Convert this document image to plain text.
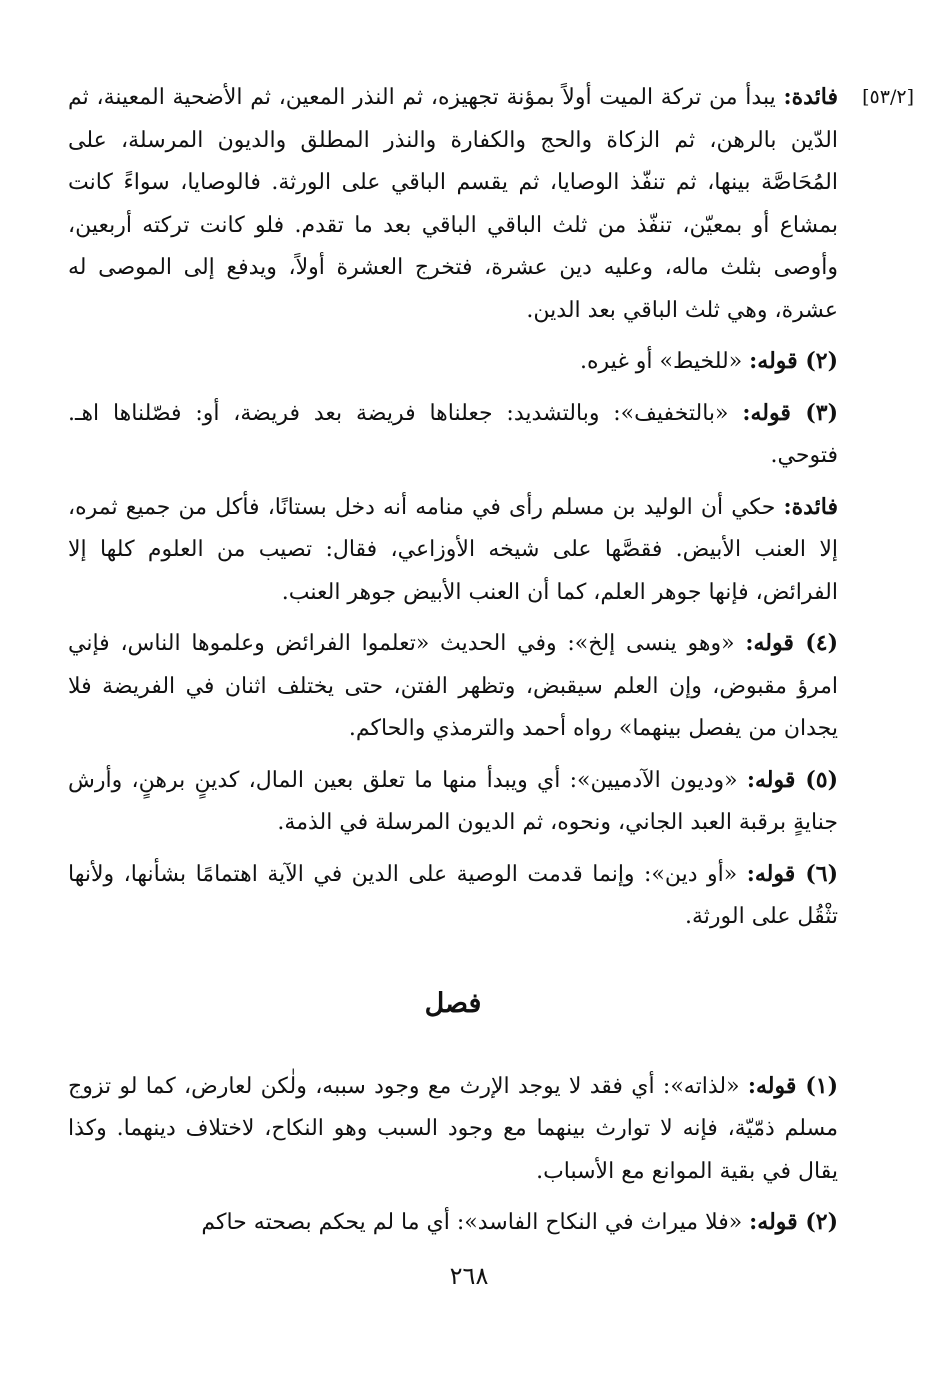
[٥٣/٢]

فائدة: يبدأ من تركة الميت أولاً بمؤنة تجهيزه، ثم النذر المعين، ثم الأضحية المعينة، ثم الدّين بالرهن، ثم الزكاة والحج والكفارة والنذر المطلق والديون المرسلة، على المُحَاصَّة بينها، ثم تنفّذ الوصايا، ثم يقسم الباقي على الورثة. فالوصايا، سواءً كانت بمشاع أو بمعيّن، تنفّذ من ثلث الباقي الباقي بعد ما تقدم. فلو كانت تركته أربعين، وأوصى بثلث ماله، وعليه دين عشرة، فتخرج العشرة أولاً، ويدفع إلى الموصى له عشرة، وهي ثلث الباقي بعد الدين.

(٢) قوله: «للخيط» أو غيره.

(٣) قوله: «بالتخفيف»: وبالتشديد: جعلناها فريضة بعد فريضة، أو: فصّلناها اهـ. فتوحي.

فائدة: حكي أن الوليد بن مسلم رأى في منامه أنه دخل بستانًا، فأكل من جميع ثمره، إلا العنب الأبيض. فقصَّها على شيخه الأوزاعي، فقال: تصيب من العلوم كلها إلا الفرائض، فإنها جوهر العلم، كما أن العنب الأبيض جوهر العنب.

(٤) قوله: «وهو ينسى إلخ»: وفي الحديث «تعلموا الفرائض وعلموها الناس، فإني امرؤ مقبوض، وإن العلم سيقبض، وتظهر الفتن، حتى يختلف اثنان في الفريضة فلا يجدان من يفصل بينهما» رواه أحمد والترمذي والحاكم.

(٥) قوله: «وديون الآدميين»: أي ويبدأ منها ما تعلق بعين المال، كدينٍ برهنٍ، وأرش جنايةٍ برقبة العبد الجاني، ونحوه، ثم الديون المرسلة في الذمة.

(٦) قوله: «أو دين»: وإنما قدمت الوصية على الدين في الآية اهتمامًا بشأنها، ولأنها تثْقُل على الورثة.

فصل

(١) قوله: «لذاته»: أي فقد لا يوجد الإرث مع وجود سببه، ولٰكن لعارض، كما لو تزوج مسلم ذمّيّة، فإنه لا توارث بينهما مع وجود السبب وهو النكاح، لاختلاف دينهما. وكذا يقال في بقية الموانع مع الأسباب.

(٢) قوله: «فلا ميراث في النكاح الفاسد»: أي ما لم يحكم بصحته حاكم

٢٦٨
